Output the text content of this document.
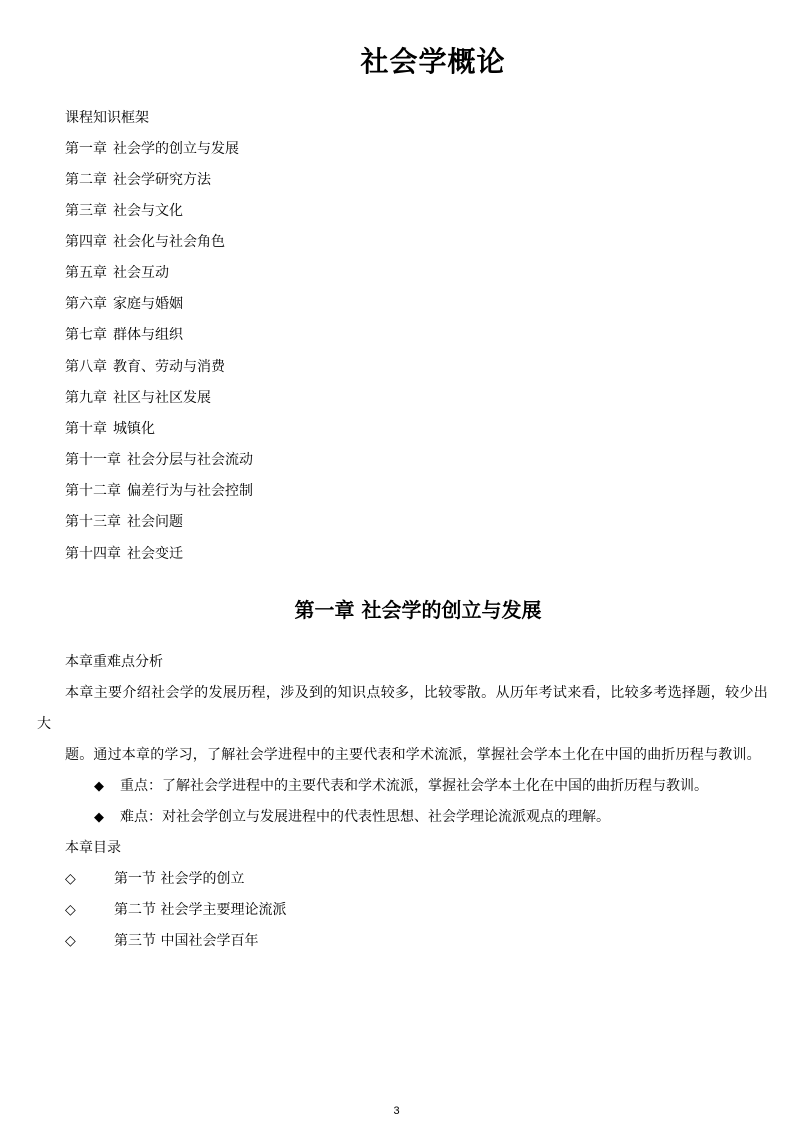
社会学概论

课程知识框架

第一章 社会学的创立与发展

第二章 社会学研究方法

第三章 社会与文化

第四章 社会化与社会角色

第五章 社会互动

第六章 家庭与婚姻

第七章 群体与组织

第八章 教育、劳动与消费

第九章 社区与社区发展

第十章 城镇化

第十一章 社会分层与社会流动

第十二章 偏差行为与社会控制

第十三章 社会问题

第十四章 社会变迁

第一章 社会学的创立与发展

本章重难点分析

本章主要介绍社会学的发展历程，涉及到的知识点较多，比较零散。从历年考试来看，比较多考选择题，较少出

大

题。通过本章的学习，了解社会学进程中的主要代表和学术流派，掌握社会学本土化在中国的曲折历程与教训。

◆ 重点：了解社会学进程中的主要代表和学术流派，掌握社会学本土化在中国的曲折历程与教训。

◆ 难点：对社会学创立与发展进程中的代表性思想、社会学理论流派观点的理解。

本章目录

◇	第一节 社会学的创立
◇	第二节 社会学主要理论流派
◇	第三节 中国社会学百年
3
